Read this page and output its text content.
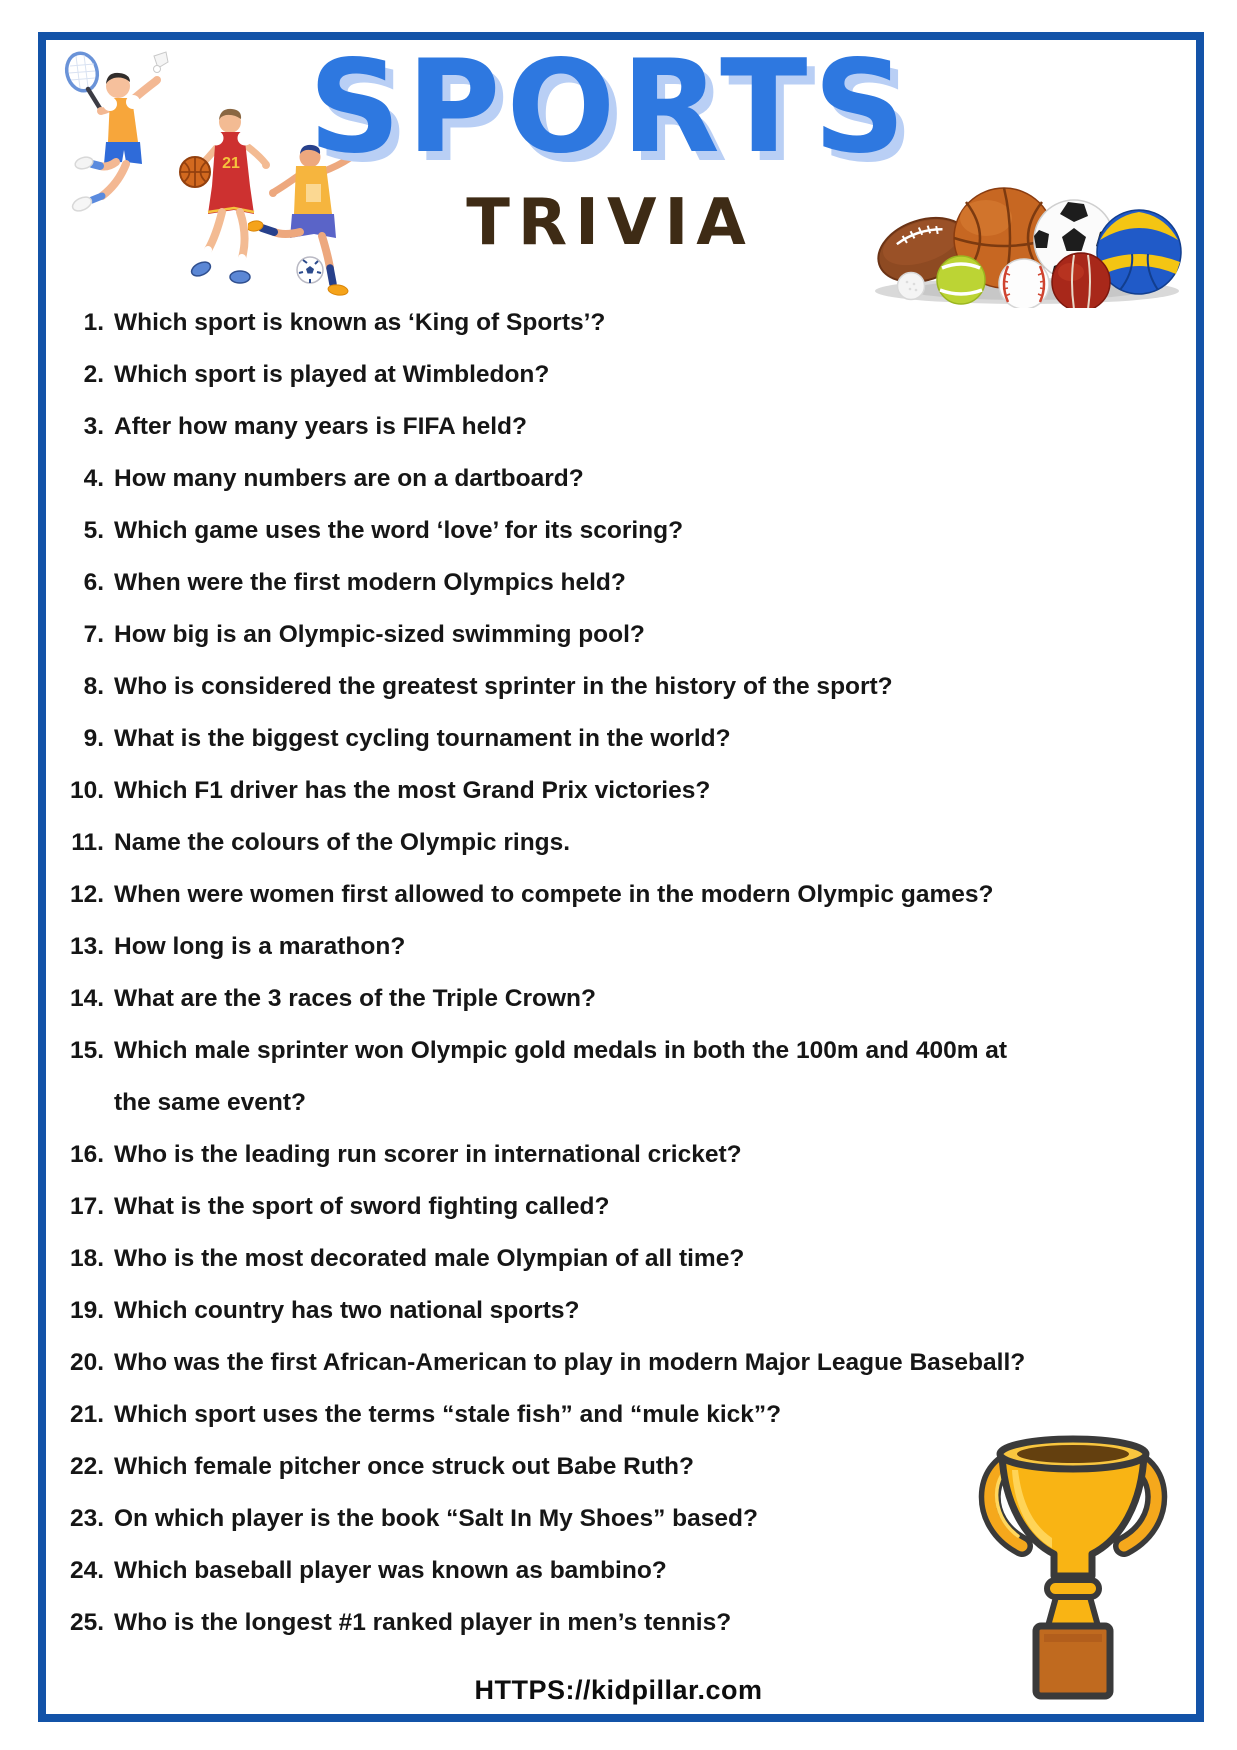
21 SPORTS
TRIVIA
1. Which sport is known as ‘King of Sports’?
2. Which sport is played at Wimbledon?
3. After how many years is FIFA held?
4. How many numbers are on a dartboard?
5. Which game uses the word ‘love’ for its scoring?
6. When were the first modern Olympics held?
7. How big is an Olympic-sized swimming pool?
8. Who is considered the greatest sprinter in the history of the sport?
9. What is the biggest cycling tournament in the world?
10. Which F1 driver has the most Grand Prix victories?
11. Name the colours of the Olympic rings.
12. When were women first allowed to compete in the modern Olympic games?
13. How long is a marathon?
14. What are the 3 races of the Triple Crown?
15. Which male sprinter won Olympic gold medals in both the 100m and 400m at the same event?
16. Who is the leading run scorer in international cricket?
17. What is the sport of sword fighting called?
18. Who is the most decorated male Olympian of all time?
19. Which country has two national sports?
20. Who was the first African-American to play in modern Major League Baseball?
21. Which sport uses the terms “stale fish” and “mule kick”?
22. Which female pitcher once struck out Babe Ruth?
23. On which player is the book “Salt In My Shoes” based?
24. Which baseball player was known as bambino?
25. Who is the longest #1 ranked player in men’s tennis?
HTTPS://kidpillar.com
